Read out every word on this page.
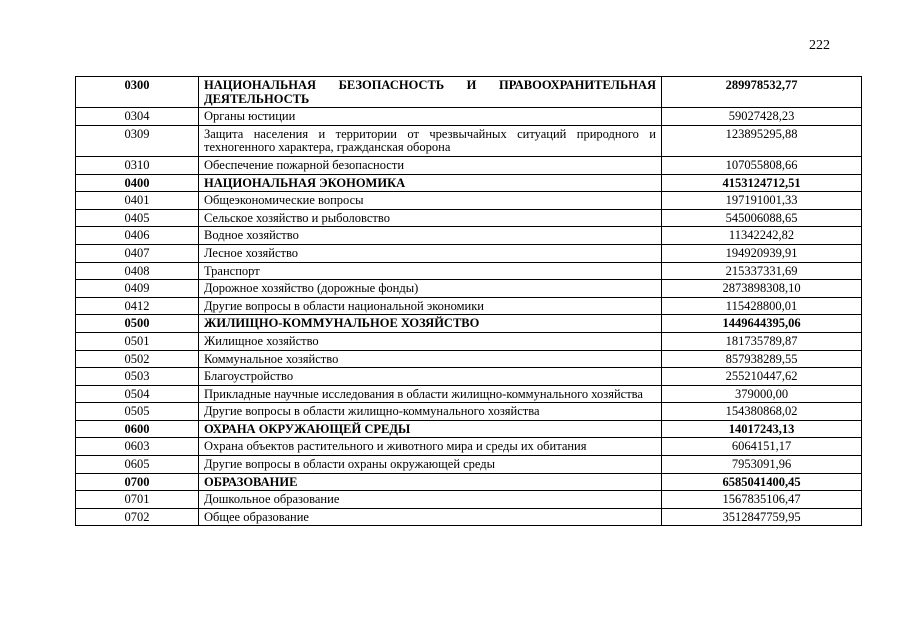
222
0300	НАЦИОНАЛЬНАЯ БЕЗОПАСНОСТЬ И ПРАВООХРАНИТЕЛЬНАЯ ДЕЯТЕЛЬНОСТЬ	289978532,77
0304	Органы юстиции	59027428,23
0309	Защита населения и территории от чрезвычайных ситуаций природного и техногенного характера, гражданская оборона	123895295,88
0310	Обеспечение пожарной безопасности	107055808,66
0400	НАЦИОНАЛЬНАЯ ЭКОНОМИКА	4153124712,51
0401	Общеэкономические вопросы	197191001,33
0405	Сельское хозяйство и рыболовство	545006088,65
0406	Водное хозяйство	11342242,82
0407	Лесное хозяйство	194920939,91
0408	Транспорт	215337331,69
0409	Дорожное хозяйство (дорожные фонды)	2873898308,10
0412	Другие вопросы в области национальной экономики	115428800,01
0500	ЖИЛИЩНО-КОММУНАЛЬНОЕ ХОЗЯЙСТВО	1449644395,06
0501	Жилищное хозяйство	181735789,87
0502	Коммунальное хозяйство	857938289,55
0503	Благоустройство	255210447,62
0504	Прикладные научные исследования в области жилищно-коммунального хозяйства	379000,00
0505	Другие вопросы в области жилищно-коммунального хозяйства	154380868,02
0600	ОХРАНА ОКРУЖАЮЩЕЙ СРЕДЫ	14017243,13
0603	Охрана объектов растительного и животного мира и среды их обитания	6064151,17
0605	Другие вопросы в области охраны окружающей среды	7953091,96
0700	ОБРАЗОВАНИЕ	6585041400,45
0701	Дошкольное образование	1567835106,47
0702	Общее образование	3512847759,95
